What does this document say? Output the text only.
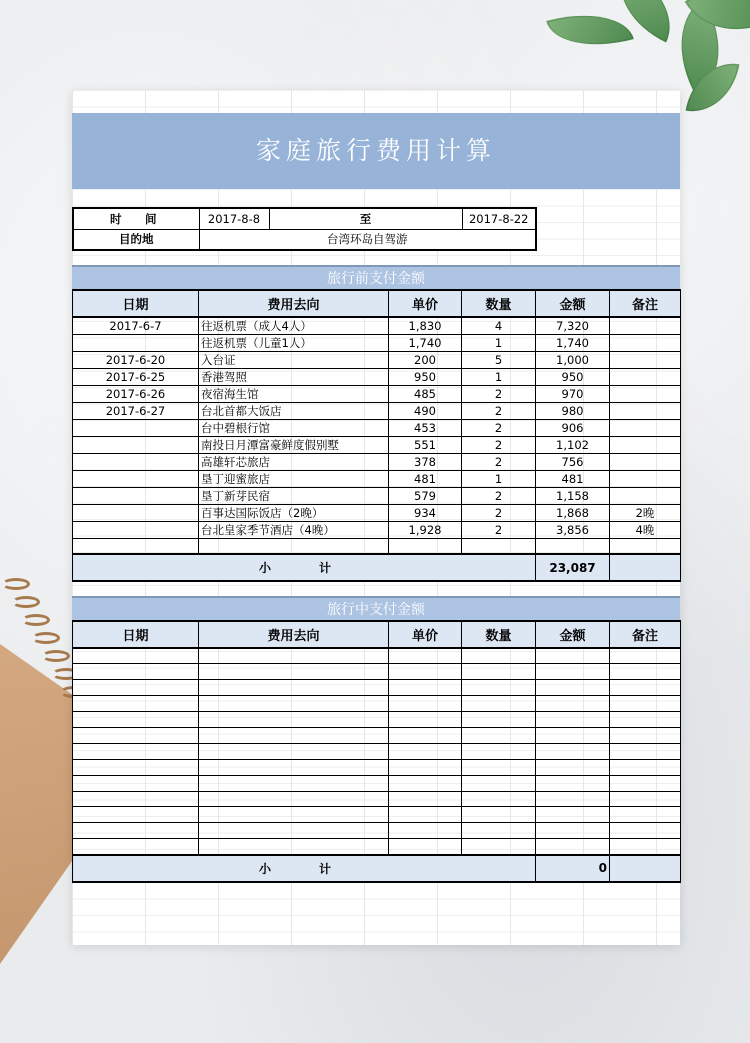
家庭旅行费用计算
时　间	2017-8-8	至	2017-8-22
目的地	台湾环岛自驾游		
旅行前支付金额
日期	费用去向	单价	数量	金额	备注
2017-6-7	往返机票（成人4人）	1,830	4	7,320	
	往返机票（儿童1人）	1,740	1	1,740	
2017-6-20	入台证	200	5	1,000	
2017-6-25	香港驾照	950	1	950	
2017-6-26	夜宿海生馆	485	2	970	
2017-6-27	台北首都大饭店	490	2	980	
	台中碧根行馆	453	2	906	
	南投日月潭富豪鲜度假别墅	551	2	1,102	
	高雄轩芯旅店	378	2	756	
	垦丁迎蜜旅店	481	1	481	
	垦丁新芽民宿	579	2	1,158	
	百事达国际饭店（2晚）	934	2	1,868	2晚
	台北皇家季节酒店（4晚）	1,928	2	3,856	4晚

小　计				23,087	
旅行中支付金额
日期	费用去向	单价	数量	金额	备注

小　计				0	
